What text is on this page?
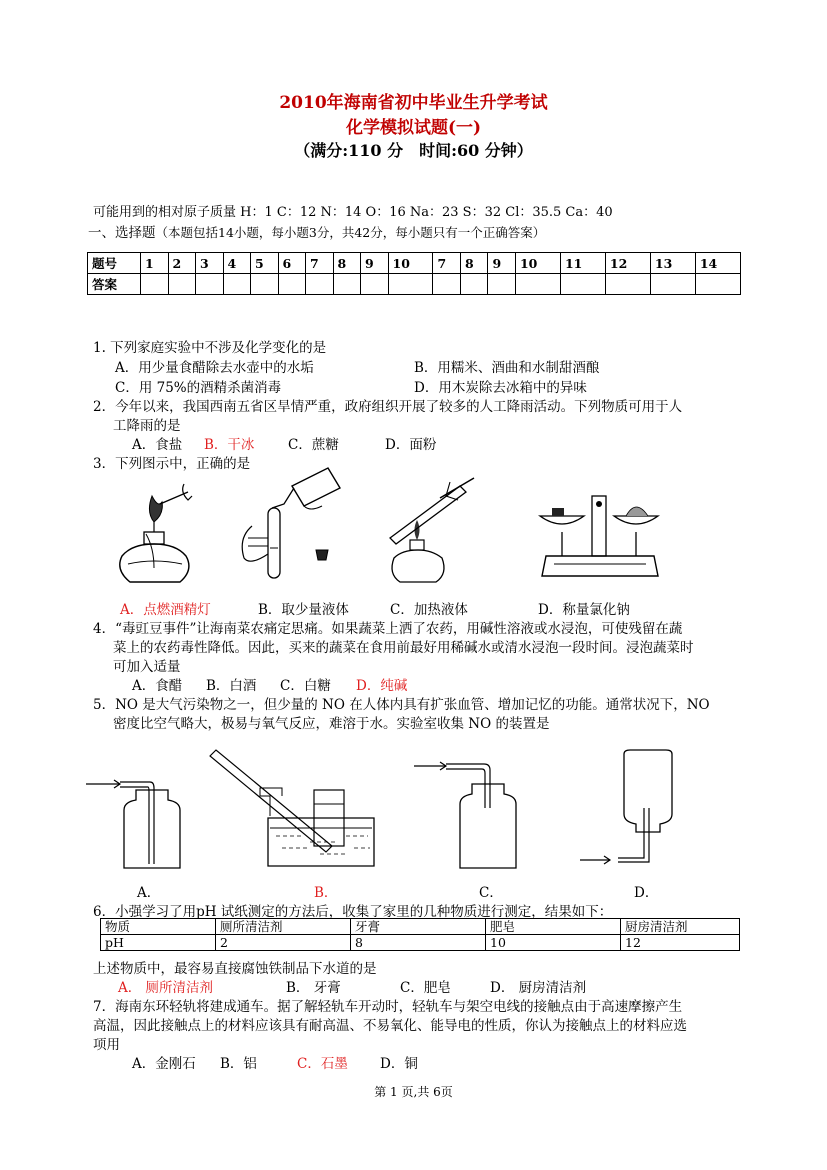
2010年海南省初中毕业生升学考试
化学模拟试题(一)
（满分:110 分　时间:60 分钟）
可能用到的相对原子质量 H：1 C：12 N：14 O：16 Na：23 S：32 Cl：35.5 Ca：40
一、选择题（本题包括14小题，每小题3分，共42分，每小题只有一个正确答案）
题号	1	2	3	4	5	6	7	8	9	10	7	8	9	10	11	12	13	14
答案																		
1. 下列家庭实验中不涉及化学变化的是
A．用少量食醋除去水壶中的水垢	B．用糯米、酒曲和水制甜酒酿
C．用 75%的酒精杀菌消毒	D．用木炭除去冰箱中的异味
2．今年以来，我国西南五省区旱情严重，政府组织开展了较多的人工降雨活动。下列物质可用于人
工降雨的是
A．食盐 B．干冰 C．蔗糖	D．面粉
3．下列图示中，正确的是
A．点燃酒精灯	B．取少量液体	C．加热液体	D．称量氯化钠
4．“毒豇豆事件”让海南菜农痛定思痛。如果蔬菜上洒了农药，用碱性溶液或水浸泡，可使残留在蔬
菜上的农药毒性降低。因此，买来的蔬菜在食用前最好用稀碱水或清水浸泡一段时间。浸泡蔬菜时
可加入适量
A．食醋 B．白酒 C．白糖 D．纯碱
5．NO 是大气污染物之一，但少量的 NO 在人体内具有扩张血管、增加记忆的功能。通常状况下，NO
密度比空气略大，极易与氧气反应，难溶于水。实验室收集 NO 的装置是
A．	B．	C．	D．
6．小强学习了用pH 试纸测定的方法后，收集了家里的几种物质进行测定，结果如下：
物质	厕所清洁剂	牙膏	肥皂	厨房清洁剂
pH	2	8	10	12
上述物质中，最容易直接腐蚀铁制品下水道的是
A． 厕所清洁剂	B． 牙膏	C．肥皂	D． 厨房清洁剂
7．海南东环轻轨将建成通车。据了解轻轨车开动时，轻轨车与架空电线的接触点由于高速摩擦产生
高温，因此接触点上的材料应该具有耐高温、不易氧化、能导电的性质，你认为接触点上的材料应选
项用
A．金刚石 B．铝	C．石墨 D．铜
第 1 页,共 6页
